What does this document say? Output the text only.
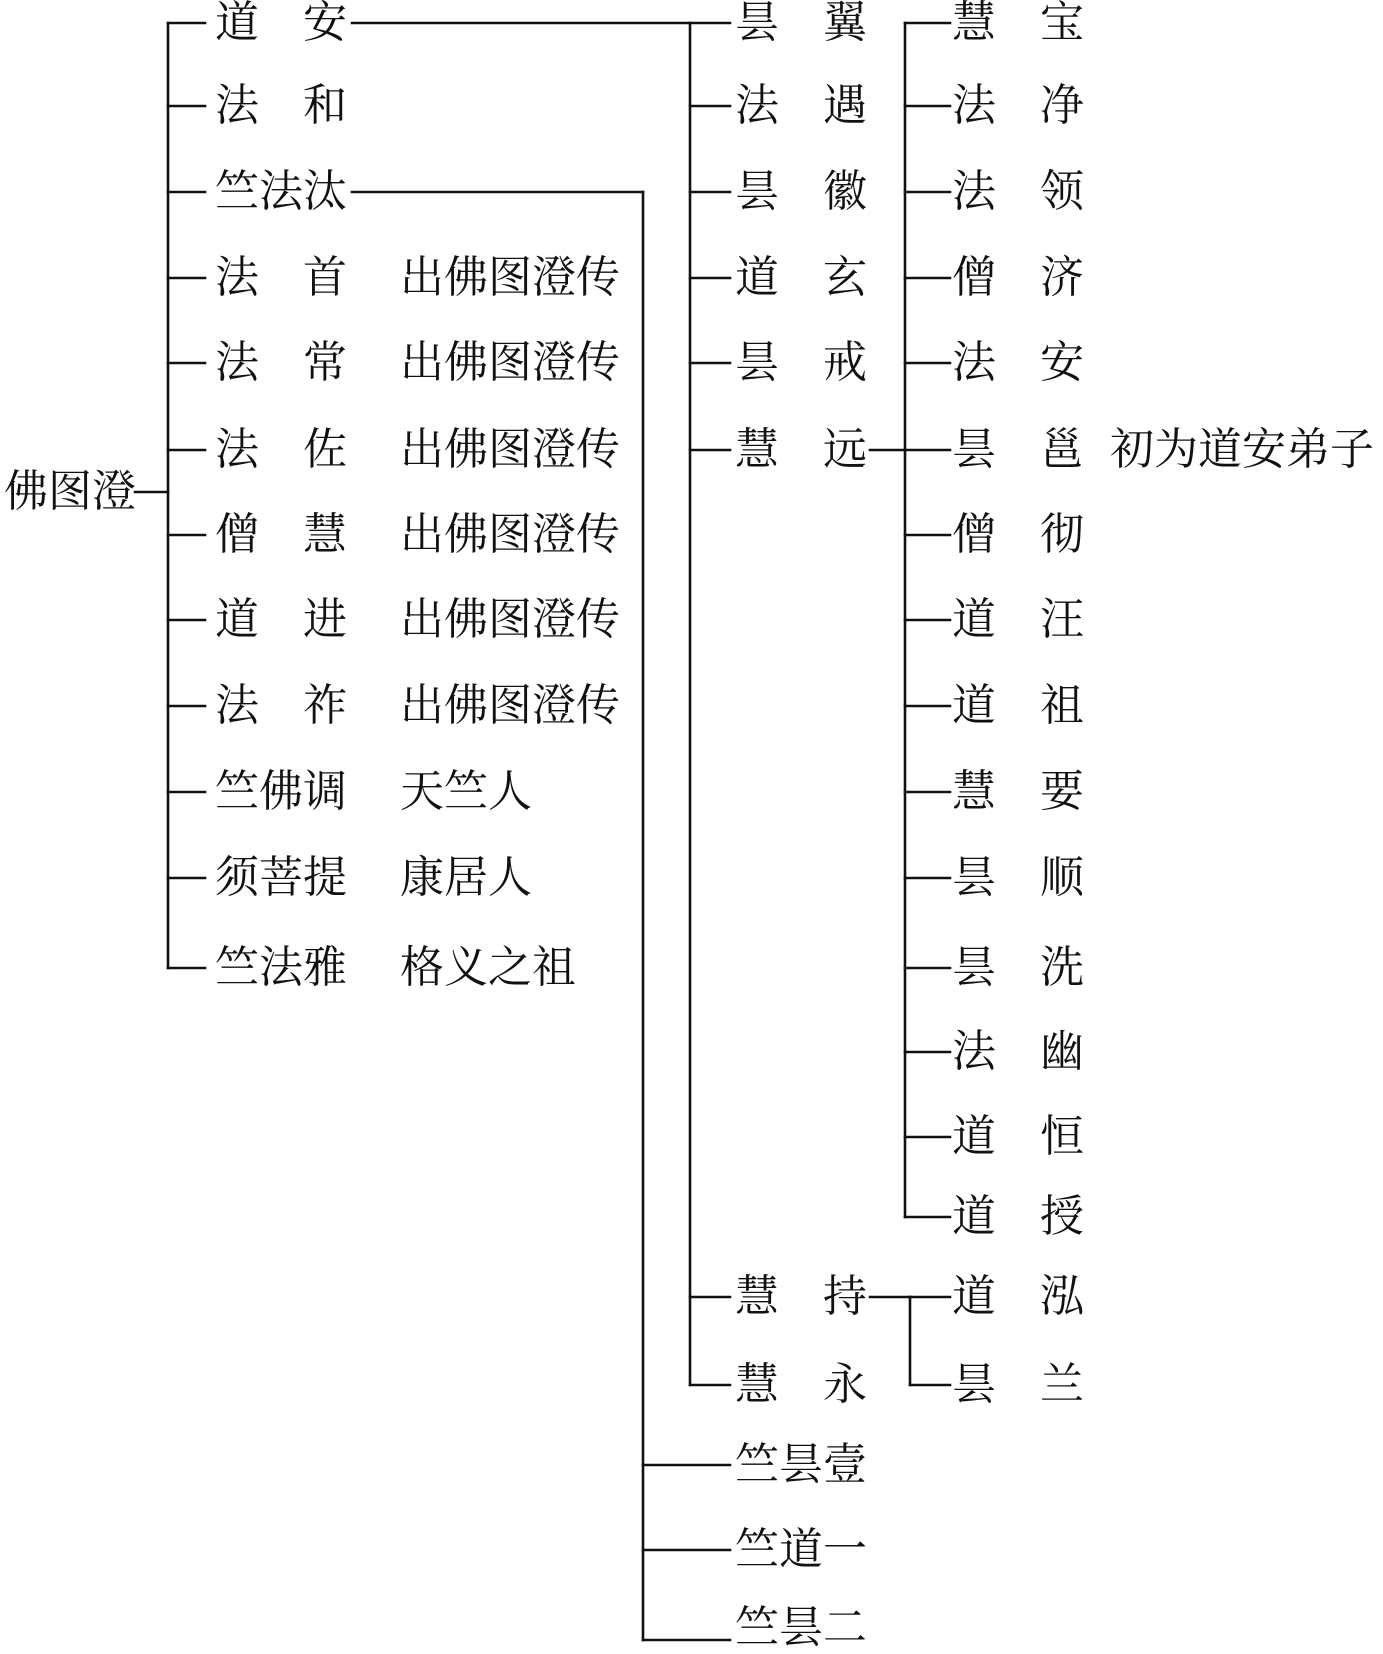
佛图澄
道安
法和
竺法汰
法首
法常
法佐
僧慧
道进
法祚
竺佛调
须菩提
竺法雅
出佛图澄传
出佛图澄传
出佛图澄传
出佛图澄传
出佛图澄传
出佛图澄传
天竺人
康居人
格义之祖
昙翼
法遇
昙徽
道玄
昙戒
慧远
慧持
慧永
竺昙壹
竺道一
竺昙二
慧宝
法净
法领
僧济
法安
昙邕
僧彻
道汪
道祖
慧要
昙顺
昙洗
法幽
道恒
道授
初为道安弟子
道泓
昙兰
